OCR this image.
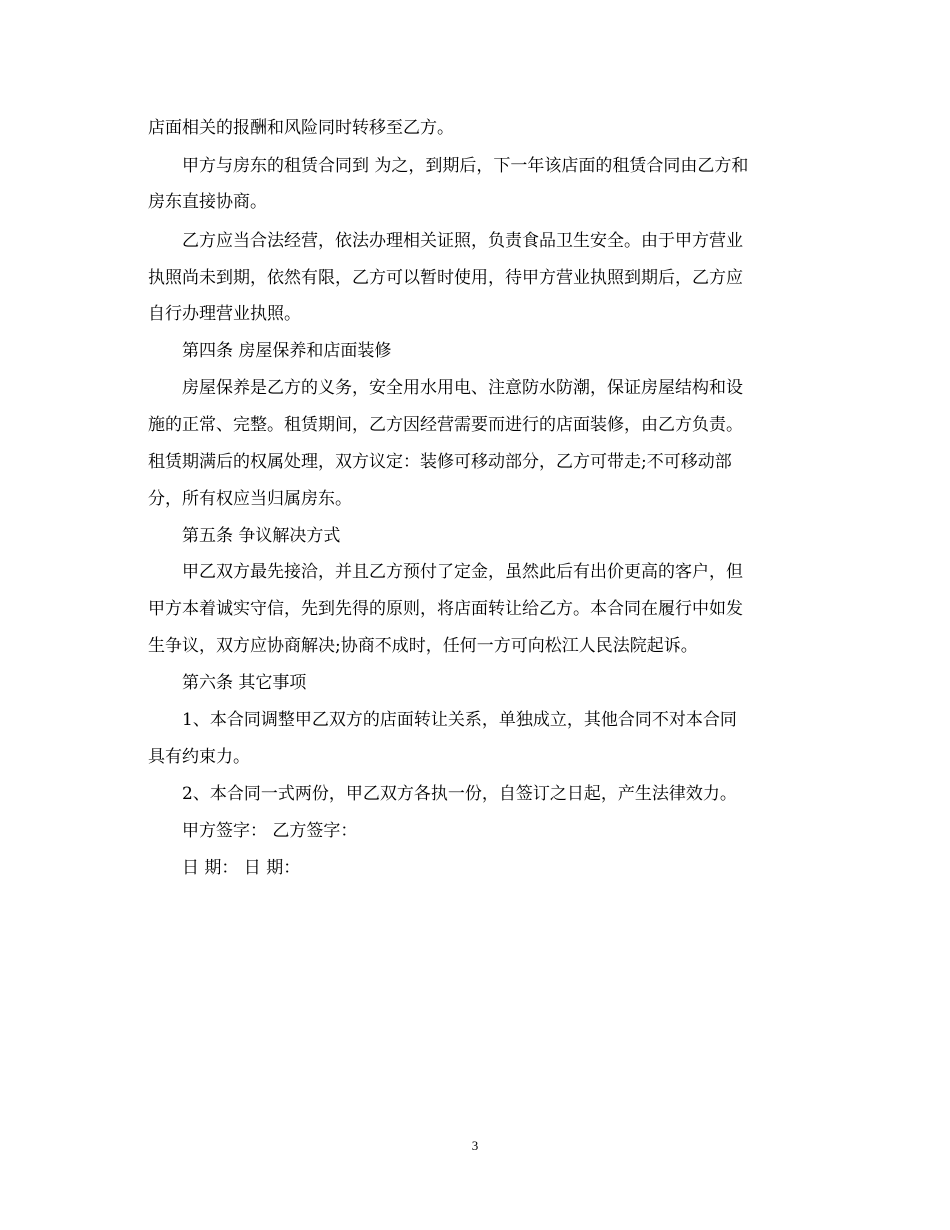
店面相关的报酬和风险同时转移至乙方。
甲方与房东的租赁合同到 为之，到期后，下一年该店面的租赁合同由乙方和
房东直接协商。
乙方应当合法经营，依法办理相关证照，负责食品卫生安全。由于甲方营业
执照尚未到期，依然有限，乙方可以暂时使用，待甲方营业执照到期后，乙方应
自行办理营业执照。
第四条 房屋保养和店面装修
房屋保养是乙方的义务，安全用水用电、注意防水防潮，保证房屋结构和设
施的正常、完整。租赁期间，乙方因经营需要而进行的店面装修，由乙方负责。
租赁期满后的权属处理，双方议定：装修可移动部分，乙方可带走;不可移动部
分，所有权应当归属房东。
第五条 争议解决方式
甲乙双方最先接洽，并且乙方预付了定金，虽然此后有出价更高的客户，但
甲方本着诚实守信，先到先得的原则，将店面转让给乙方。本合同在履行中如发
生争议，双方应协商解决;协商不成时，任何一方可向松江人民法院起诉。
第六条 其它事项
1、本合同调整甲乙双方的店面转让关系，单独成立，其他合同不对本合同
具有约束力。
2、本合同一式两份，甲乙双方各执一份，自签订之日起，产生法律效力。
甲方签字： 乙方签字：
日 期： 日 期：
3
